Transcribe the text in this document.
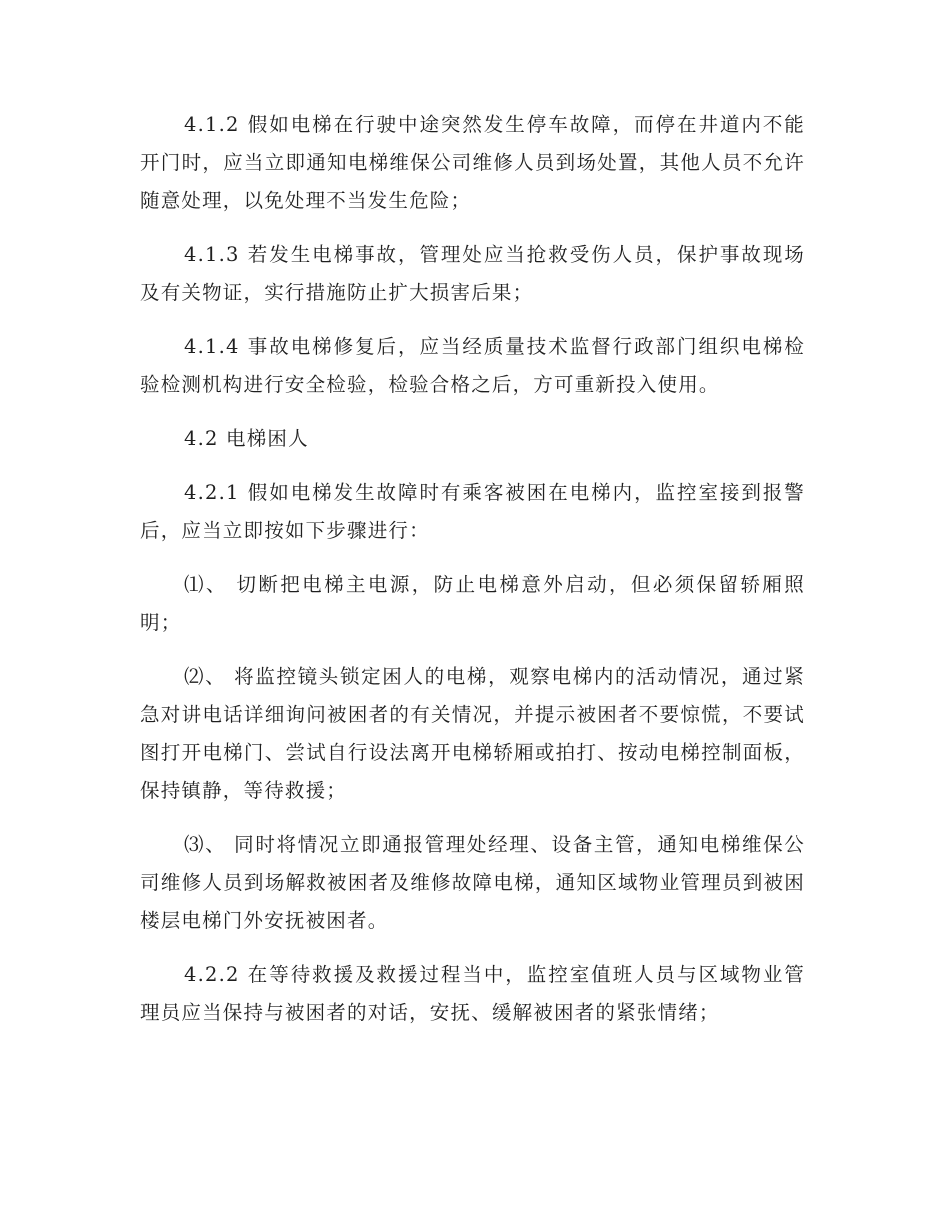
4.1.2 假如电梯在行驶中途突然发生停车故障，而停在井道内不能开门时，应当立即通知电梯维保公司维修人员到场处置，其他人员不允许随意处理，以免处理不当发生危险；

4.1.3 若发生电梯事故，管理处应当抢救受伤人员，保护事故现场及有关物证，实行措施防止扩大损害后果；

4.1.4 事故电梯修复后，应当经质量技术监督行政部门组织电梯检验检测机构进行安全检验，检验合格之后，方可重新投入使用。

4.2 电梯困人

4.2.1 假如电梯发生故障时有乘客被困在电梯内，监控室接到报警后，应当立即按如下步骤进行：

⑴、 切断把电梯主电源，防止电梯意外启动，但必须保留轿厢照明；

⑵、 将监控镜头锁定困人的电梯，观察电梯内的活动情况，通过紧急对讲电话详细询问被困者的有关情况，并提示被困者不要惊慌，不要试图打开电梯门、尝试自行设法离开电梯轿厢或拍打、按动电梯控制面板，保持镇静，等待救援；

⑶、 同时将情况立即通报管理处经理、设备主管，通知电梯维保公司维修人员到场解救被困者及维修故障电梯，通知区域物业管理员到被困楼层电梯门外安抚被困者。

4.2.2 在等待救援及救援过程当中，监控室值班人员与区域物业管理员应当保持与被困者的对话，安抚、缓解被困者的紧张情绪；
